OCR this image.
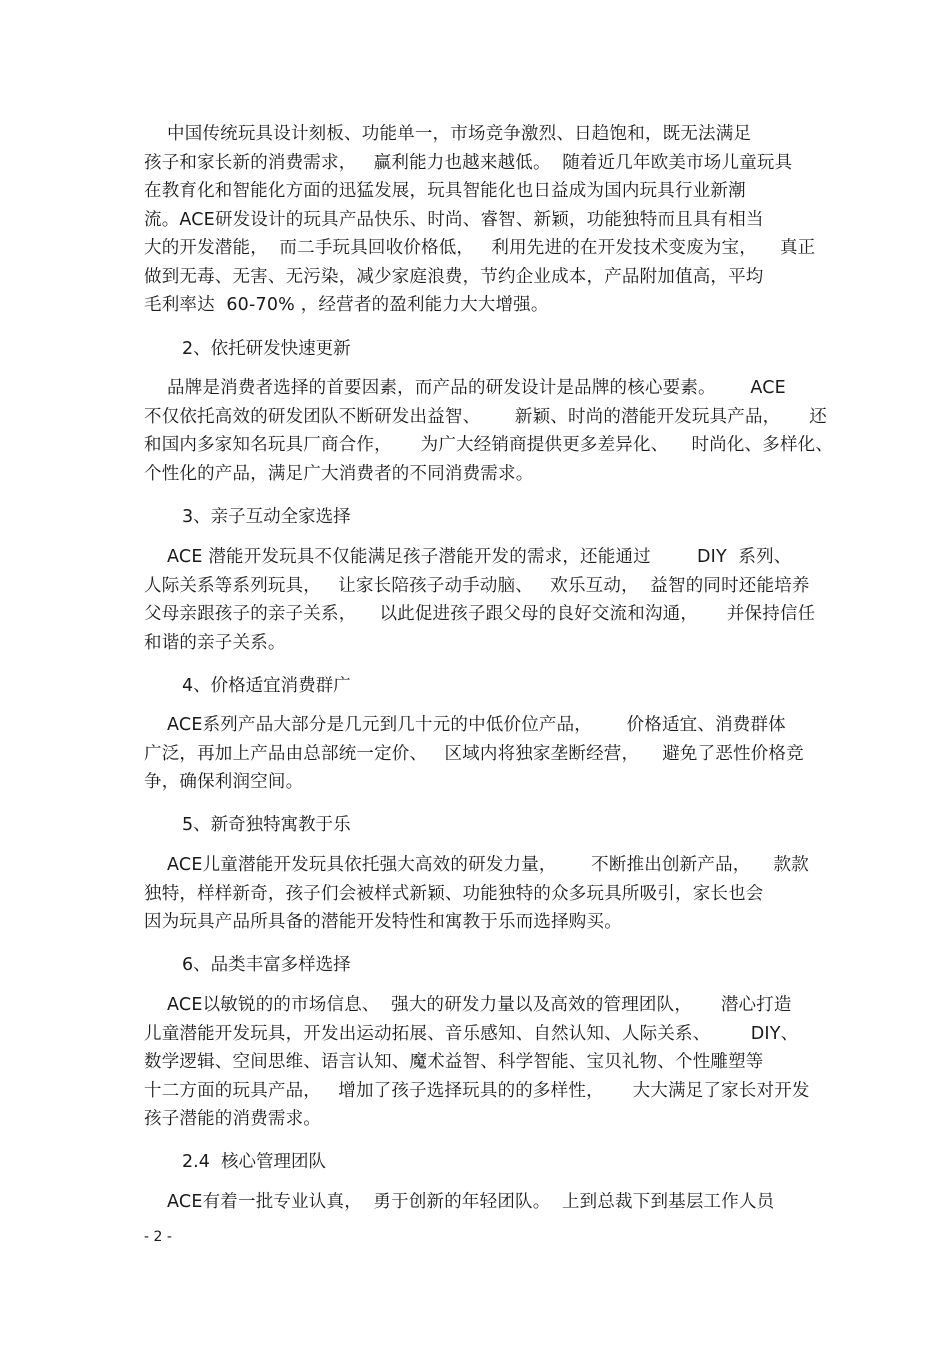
中国传统玩具设计刻板、功能单一，市场竞争激烈、日趋饱和，既无法满足
孩子和家长新的消费需求，   赢利能力也越来越低。  随着近几年欧美市场儿童玩具
在教育化和智能化方面的迅猛发展，玩具智能化也日益成为国内玩具行业新潮
流。ACE研发设计的玩具产品快乐、时尚、睿智、新颖，功能独特而且具有相当
大的开发潜能，  而二手玩具回收价格低，   利用先进的在开发技术变废为宝，    真正
做到无毒、无害、无污染，减少家庭浪费，节约企业成本，产品附加值高，平均
毛利率达  60-70% ，经营者的盈利能力大大增强。
2、依托研发快速更新
品牌是消费者选择的首要因素，而产品的研发设计是品牌的核心要素。      ACE
不仅依托高效的研发团队不断研发出益智、      新颖、时尚的潜能开发玩具产品，     还
和国内多家知名玩具厂商合作，     为广大经销商提供更多差异化、    时尚化、多样化、
个性化的产品，满足广大消费者的不同消费需求。
3、亲子互动全家选择
ACE 潜能开发玩具不仅能满足孩子潜能开发的需求，还能通过        DIY  系列、
人际关系等系列玩具，   让家长陪孩子动手动脑、   欢乐互动，  益智的同时还能培养
父母亲跟孩子的亲子关系，    以此促进孩子跟父母的良好交流和沟通，     并保持信任
和谐的亲子关系。
4、价格适宜消费群广
ACE系列产品大部分是几元到几十元的中低价位产品，      价格适宜、消费群体
广泛，再加上产品由总部统一定价、   区域内将独家垄断经营，    避免了恶性价格竞
争，确保利润空间。
5、新奇独特寓教于乐
ACE儿童潜能开发玩具依托强大高效的研发力量，      不断推出创新产品，    款款
独特，样样新奇，孩子们会被样式新颖、功能独特的众多玩具所吸引，家长也会
因为玩具产品所具备的潜能开发特性和寓教于乐而选择购买。
6、品类丰富多样选择
ACE以敏锐的的市场信息、  强大的研发力量以及高效的管理团队，     潜心打造
儿童潜能开发玩具，开发出运动拓展、音乐感知、自然认知、人际关系、       DIY、
数学逻辑、空间思维、语言认知、魔术益智、科学智能、宝贝礼物、个性雕塑等
十二方面的玩具产品，   增加了孩子选择玩具的的多样性，     大大满足了家长对开发
孩子潜能的消费需求。
2.4  核心管理团队
ACE有着一批专业认真，  勇于创新的年轻团队。  上到总裁下到基层工作人员
- 2 -
